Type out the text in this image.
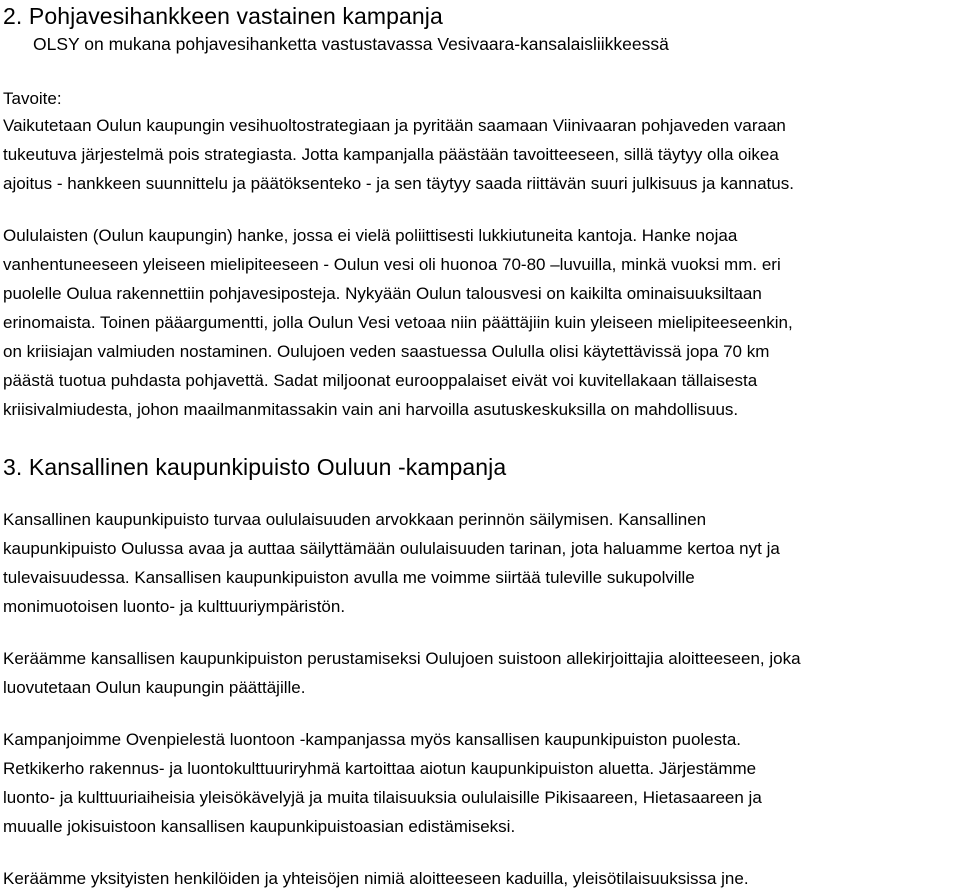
2. Pohjavesihankkeen vastainen kampanja
OLSY on mukana pohjavesihanketta vastustavassa Vesivaara-kansalaisliikkeessä
Tavoite:

Vaikutetaan Oulun kaupungin vesihuoltostrategiaan ja pyritään saamaan Viinivaaran pohjaveden varaan
tukeutuva järjestelmä pois strategiasta. Jotta kampanjalla päästään tavoitteeseen, sillä täytyy olla oikea
ajoitus - hankkeen suunnittelu ja päätöksenteko - ja sen täytyy saada riittävän suuri julkisuus ja kannatus.

Oululaisten (Oulun kaupungin) hanke, jossa ei vielä poliittisesti lukkiutuneita kantoja. Hanke nojaa
vanhentuneeseen yleiseen mielipiteeseen - Oulun vesi oli huonoa 70-80 –luvuilla, minkä vuoksi mm. eri
puolelle Oulua rakennettiin pohjavesiposteja. Nykyään Oulun talousvesi on kaikilta ominaisuuksiltaan
erinomaista. Toinen pääargumentti, jolla Oulun Vesi vetoaa niin päättäjiin kuin yleiseen mielipiteeseenkin,
on kriisiajan valmiuden nostaminen. Oulujoen veden saastuessa Oululla olisi käytettävissä jopa 70 km
päästä tuotua puhdasta pohjavettä. Sadat miljoonat eurooppalaiset eivät voi kuvitellakaan tällaisesta
kriisivalmiudesta, johon maailmanmitassakin vain ani harvoilla asutuskeskuksilla on mahdollisuus.

3. Kansallinen kaupunkipuisto Ouluun -kampanja

Kansallinen kaupunkipuisto turvaa oululaisuuden arvokkaan perinnön säilymisen. Kansallinen
kaupunkipuisto Oulussa avaa ja auttaa säilyttämään oululaisuuden tarinan, jota haluamme kertoa nyt ja
tulevaisuudessa. Kansallisen kaupunkipuiston avulla me voimme siirtää tuleville sukupolville
monimuotoisen luonto- ja kulttuuriympäristön.

Keräämme kansallisen kaupunkipuiston perustamiseksi Oulujoen suistoon allekirjoittajia aloitteeseen, joka
luovutetaan Oulun kaupungin päättäjille.

Kampanjoimme Ovenpielestä luontoon -kampanjassa myös kansallisen kaupunkipuiston puolesta.
Retkikerho rakennus- ja luontokulttuuriryhmä kartoittaa aiotun kaupunkipuiston aluetta. Järjestämme
luonto- ja kulttuuriaiheisia yleisökävelyjä ja muita tilaisuuksia oululaisille Pikisaareen, Hietasaareen ja
muualle jokisuistoon kansallisen kaupunkipuistoasian edistämiseksi.

Keräämme yksityisten henkilöiden ja yhteisöjen nimiä aloitteeseen kaduilla, yleisötilaisuuksissa jne.
